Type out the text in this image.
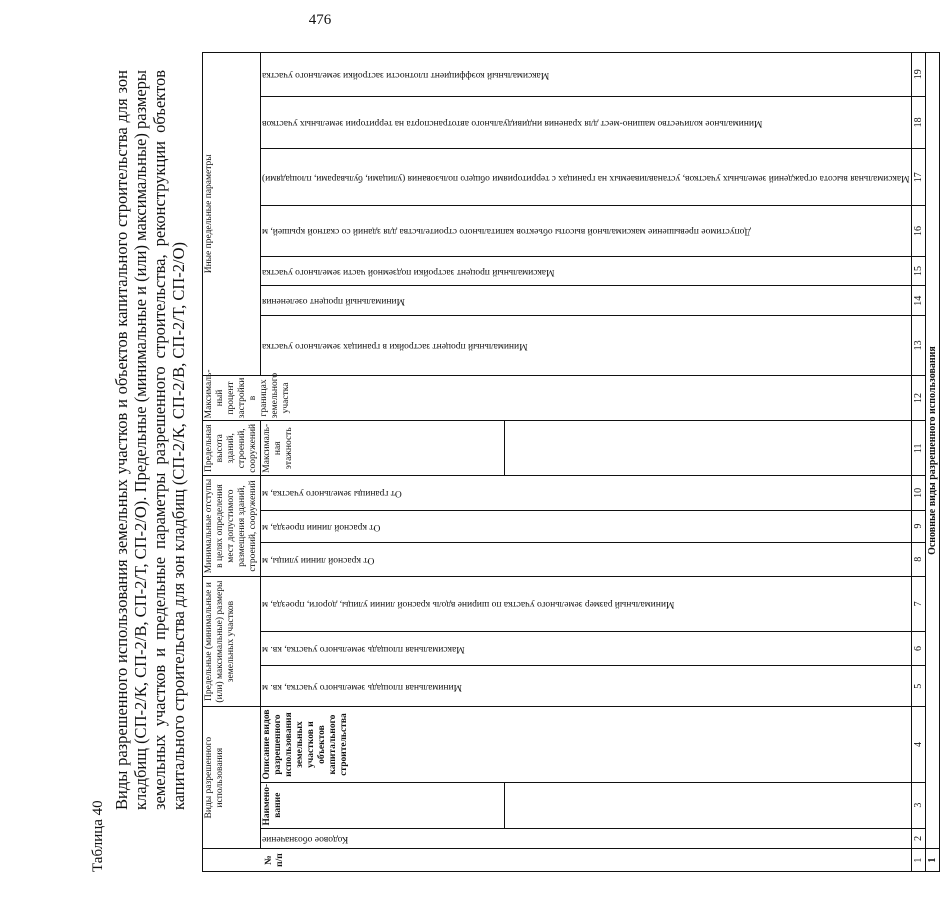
476
Таблица 40
Виды разрешенного использования земельных участков и объектов капитального строительства для зон кладбищ (СП-2/К, СП-2/В, СП-2/Т, СП-2/О). Предельные (минимальные и (или) максимальные) размеры земельных участков и предельные параметры разрешенного строительства, реконструкции объектов капитального строительства для зон кладбищ (СП-2/К, СП-2/В, СП-2/Т, СП-2/О)
№ п/п	Виды разрешенного использования			Предельные (минимальные и (или) максимальные) размеры земельных участков			Минимальные отступы в целях определения мест допустимого размещения зданий, строений, сооружений			Предельная высота зданий, строений, сооружений	Максималь-ный процент застройки в границах земельного участка	Иные предельные параметры						

	Кодовое обозначение	Наимено-вание	Описание видов разрешенного использования земельных участков и объектов капитального строительства	Минимальная площадь земельного участка, кв. м	Максимальная площадь земельного участка, кв. м	Минимальный размер земельного участка по ширине вдоль красной линии улицы, дороги, проезда, м	От красной линии улицы, м	От красной линии проезда, м	От границы земельного участка, м	Максималь-ная этажность		Минимальный процент застройки в границах земельного участка	Минимальный процент озеленения	Максимальный процент застройки подземной части земельного участка	Допустимое превышение максимальной высоты объектов капитального строительства для зданий со скатной крышей, м	Максимальная высота ограждений земельных участков, устанавливаемых на границах с территориями общего пользования (улицами, бульварами, площадями)	Минимальное количество машино-мест для хранения индивидуального автотранспорта на территории земельных участков	Максимальный коэффициент плотности застройки земельного участка

1	2	3	4	5	6	7	8	9	10	11	12	13	14	15	16	17	18	19
1	Основные виды разрешенного использования																	
